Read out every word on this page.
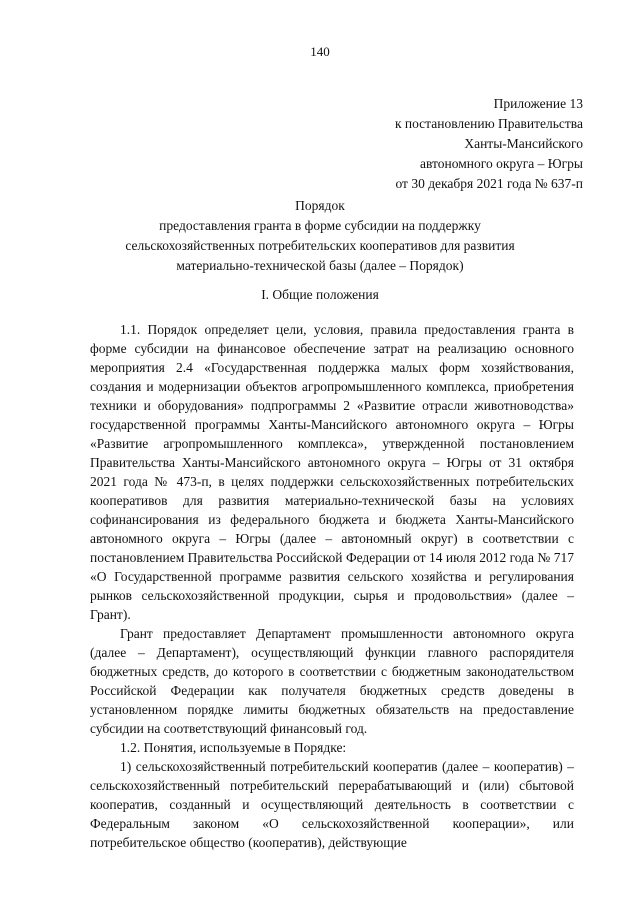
140
Приложение 13
к постановлению Правительства
Ханты-Мансийского
автономного округа – Югры
от 30 декабря 2021 года № 637-п
Порядок
предоставления гранта в форме субсидии на поддержку
сельскохозяйственных потребительских кооперативов для развития
материально-технической базы (далее – Порядок)
I. Общие положения

1.1. Порядок определяет цели, условия, правила предоставления гранта в форме субсидии на финансовое обеспечение затрат на реализацию основного мероприятия 2.4 «Государственная поддержка малых форм хозяйствования, создания и модернизации объектов агропромышленного комплекса, приобретения техники и оборудования» подпрограммы 2 «Развитие отрасли животноводства» государственной программы Ханты-Мансийского автономного округа – Югры «Развитие агропромышленного комплекса», утвержденной постановлением Правительства Ханты-Мансийского автономного округа – Югры от 31 октября 2021 года № 473-п, в целях поддержки сельскохозяйственных потребительских кооперативов для развития материально-технической базы на условиях софинансирования из федерального бюджета и бюджета Ханты-Мансийского автономного округа – Югры (далее – автономный округ) в соответствии с постановлением Правительства Российской Федерации от 14 июля 2012 года № 717 «О Государственной программе развития сельского хозяйства и регулирования рынков сельскохозяйственной продукции, сырья и продовольствия» (далее – Грант).

Грант предоставляет Департамент промышленности автономного округа (далее – Департамент), осуществляющий функции главного распорядителя бюджетных средств, до которого в соответствии с бюджетным законодательством Российской Федерации как получателя бюджетных средств доведены в установленном порядке лимиты бюджетных обязательств на предоставление субсидии на соответствующий финансовый год.

1.2. Понятия, используемые в Порядке:

1) сельскохозяйственный потребительский кооператив (далее – кооператив) – сельскохозяйственный потребительский перерабатывающий и (или) сбытовой кооператив, созданный и осуществляющий деятельность в соответствии с Федеральным законом «О сельскохозяйственной кооперации», или потребительское общество (кооператив), действующие
